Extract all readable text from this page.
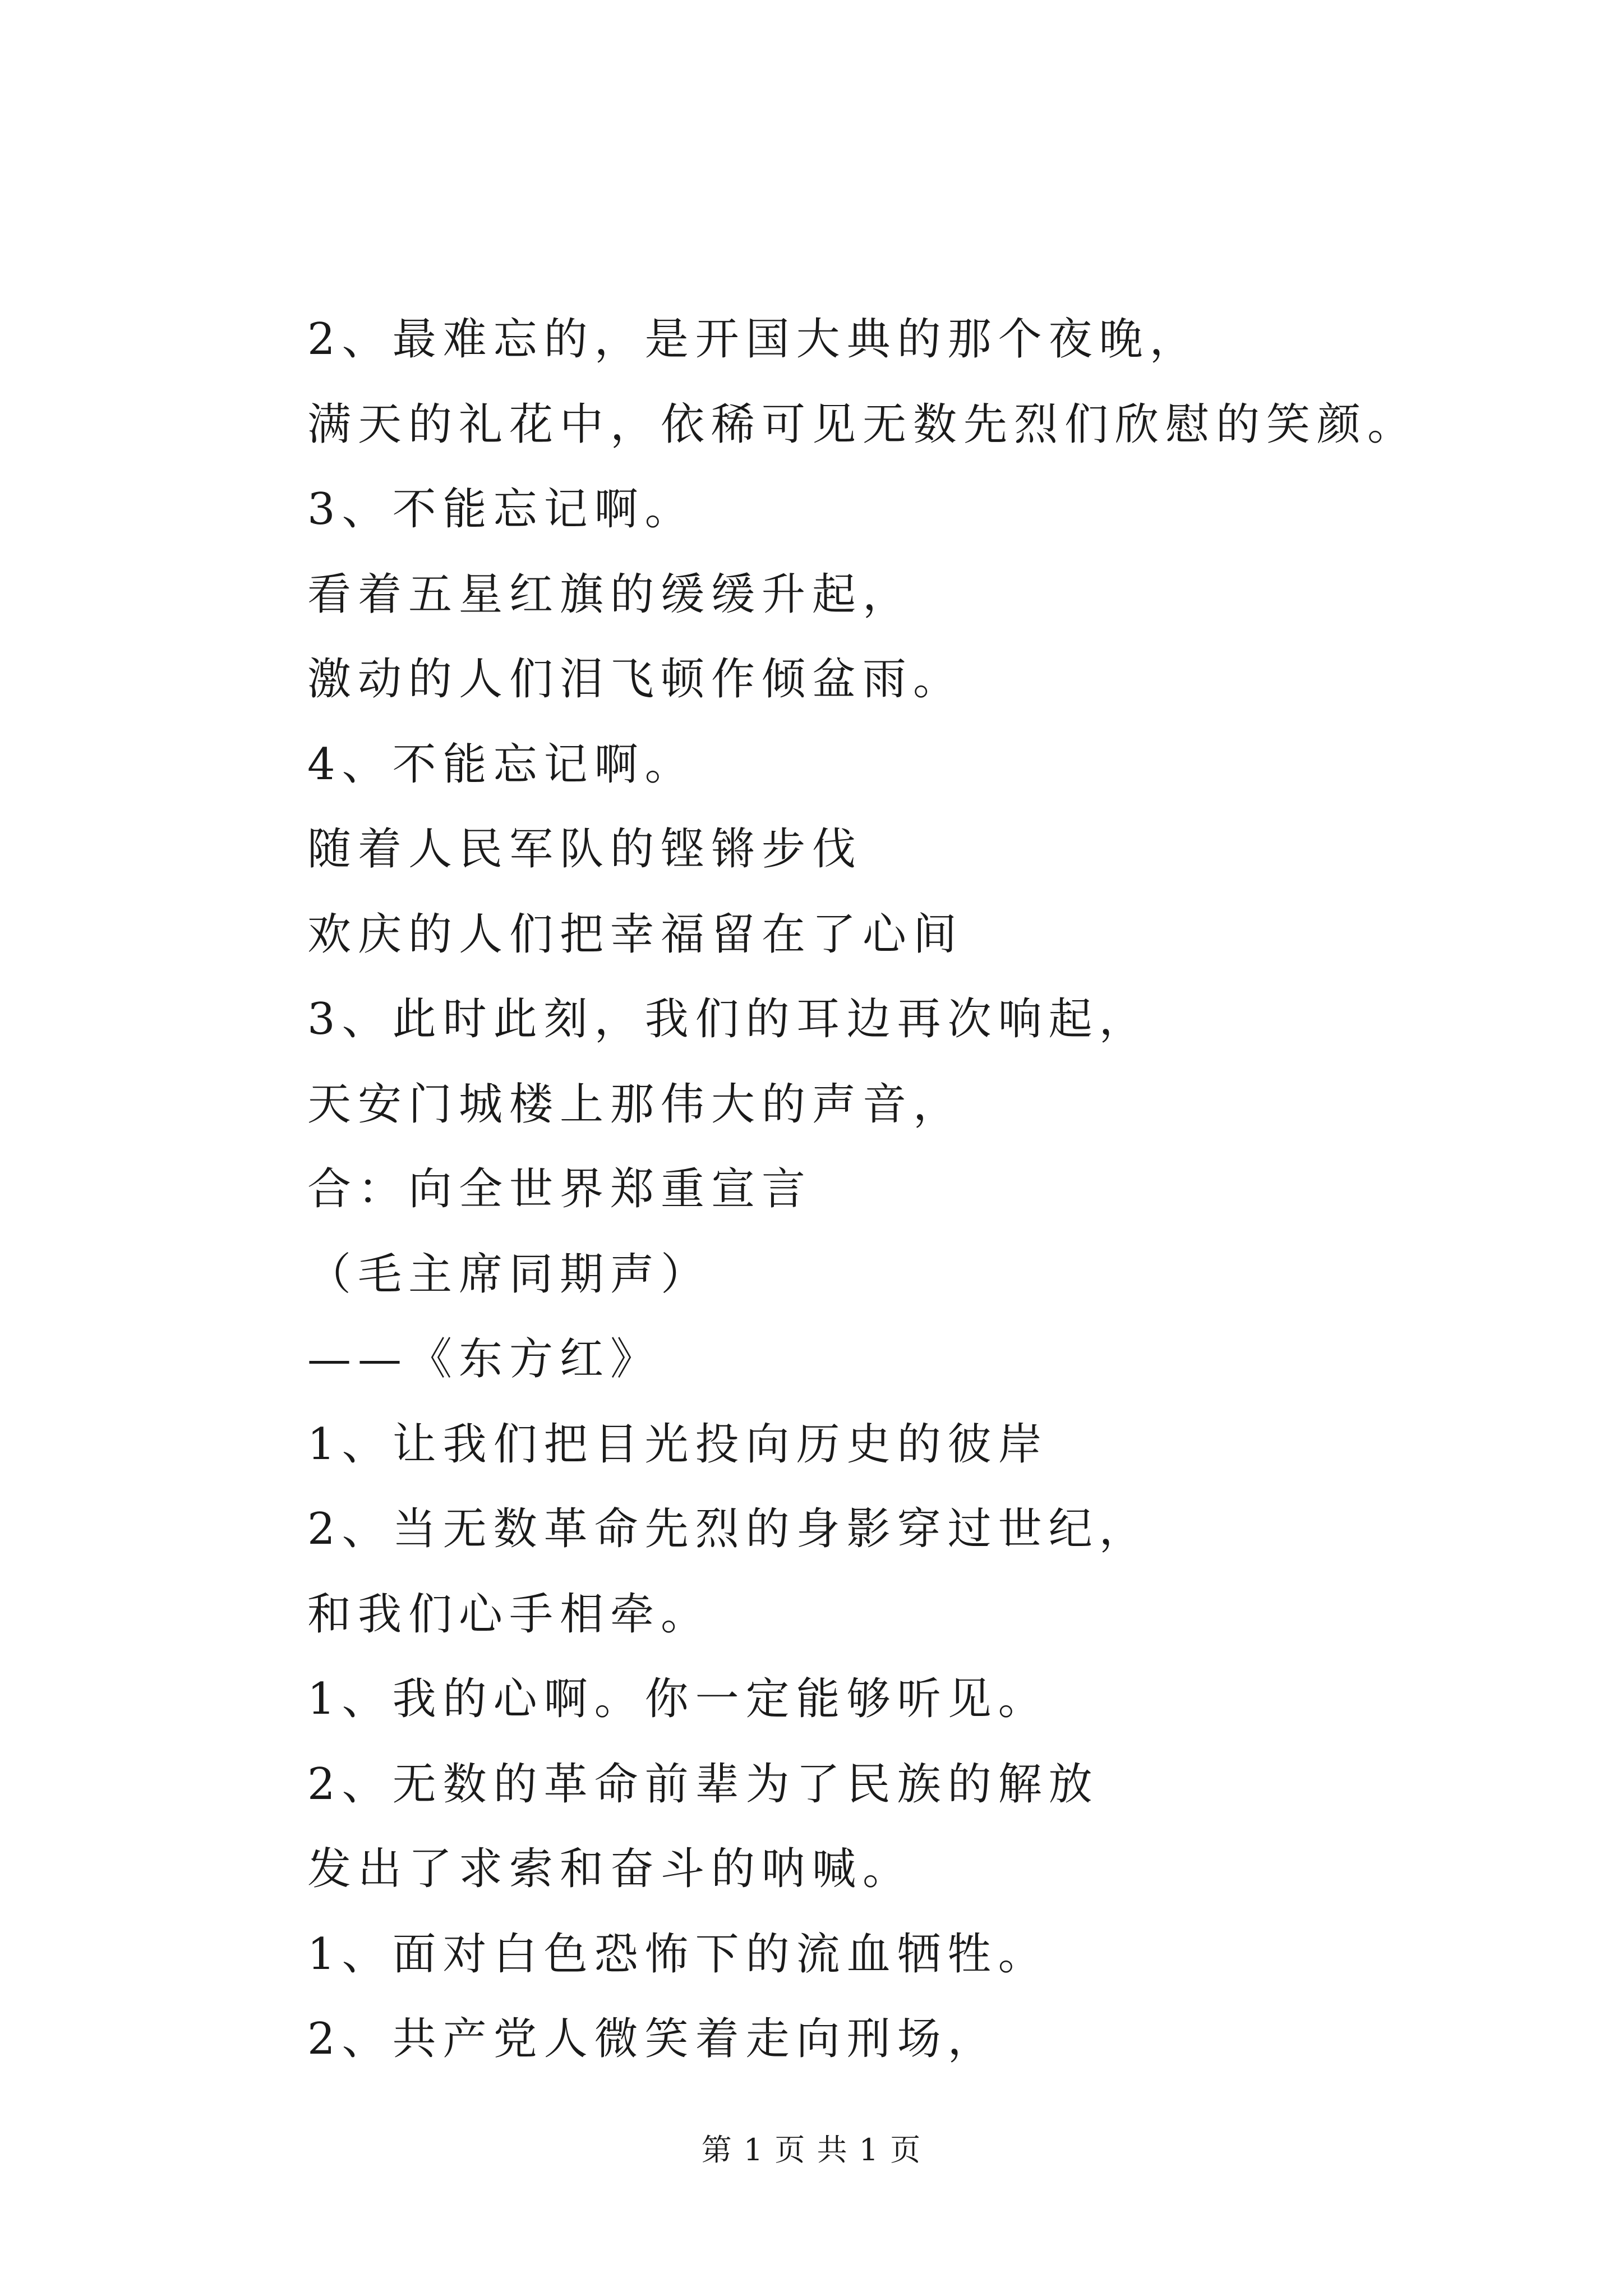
2、最难忘的，是开国大典的那个夜晚，
满天的礼花中，依稀可见无数先烈们欣慰的笑颜。
3、不能忘记啊。
看着五星红旗的缓缓升起，
激动的人们泪飞顿作倾盆雨。
4、不能忘记啊。
随着人民军队的铿锵步伐
欢庆的人们把幸福留在了心间
3、此时此刻，我们的耳边再次响起，
天安门城楼上那伟大的声音，
合：向全世界郑重宣言
（毛主席同期声）
——《东方红》
1、让我们把目光投向历史的彼岸
2、当无数革命先烈的身影穿过世纪，
和我们心手相牵。
1、我的心啊。你一定能够听见。
2、无数的革命前辈为了民族的解放
发出了求索和奋斗的呐喊。
1、面对白色恐怖下的流血牺牲。
2、共产党人微笑着走向刑场，
第 1 页 共 1 页
